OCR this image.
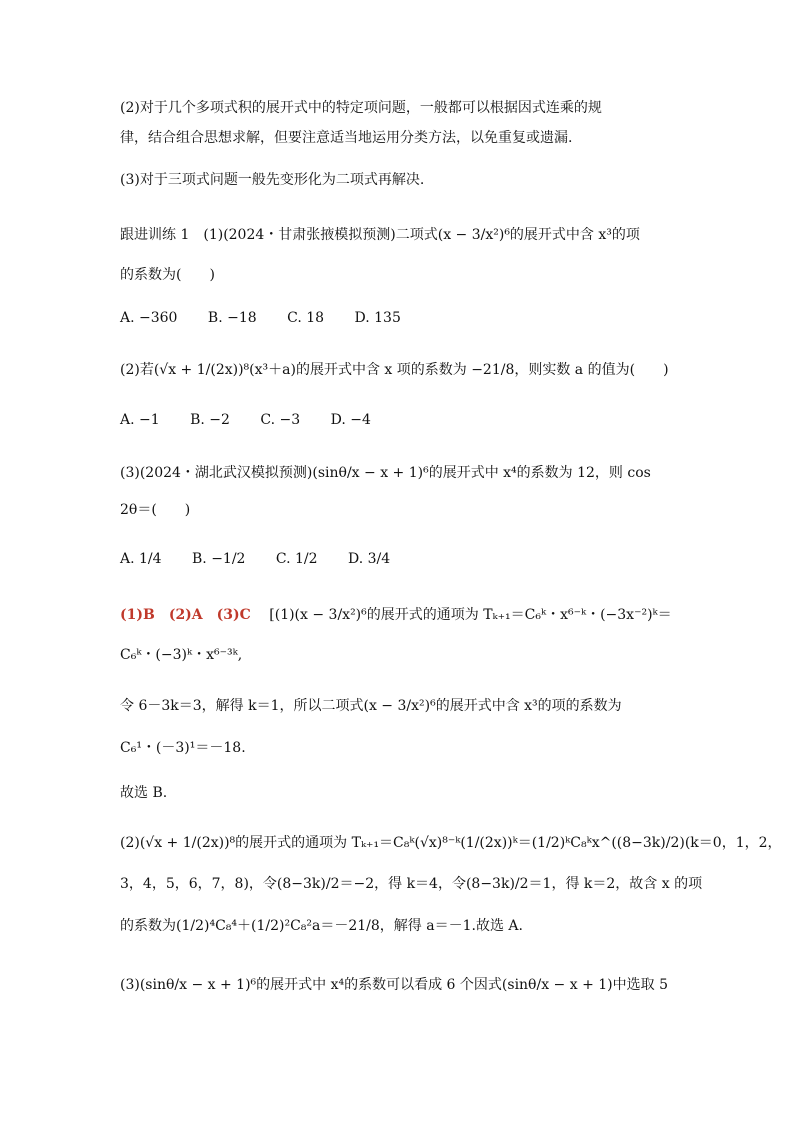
(2)对于几个多项式积的展开式中的特定项问题，一般都可以根据因式连乘的规
律，结合组合思想求解，但要注意适当地运用分类方法，以免重复或遗漏.
(3)对于三项式问题一般先变形化为二项式再解决.
跟进训练 1　(1)(2024・甘肃张掖模拟预测)二项式(x − 3/x²)⁶的展开式中含 x³的项
的系数为(　　)
A. −360 B. −18 C. 18 D. 135
(2)若(√x + 1/(2x))⁸(x³＋a)的展开式中含 x 项的系数为 −21/8，则实数 a 的值为(　　)
A. −1 B. −2 C. −3 D. −4
(3)(2024・湖北武汉模拟预测)(sinθ/x − x + 1)⁶的展开式中 x⁴的系数为 12，则 cos
2θ＝(　　)
A. 1/4 B. −1/2 C. 1/2 D. 3/4
(1)B　(2)A　(3)C [(1)(x − 3/x²)⁶的展开式的通项为 Tₖ₊₁＝C₆ᵏ・x⁶⁻ᵏ・(−3x⁻²)ᵏ＝
C₆ᵏ・(−3)ᵏ・x⁶⁻³ᵏ,
令 6－3k＝3，解得 k＝1，所以二项式(x − 3/x²)⁶的展开式中含 x³的项的系数为
C₆¹・(－3)¹＝－18.
故选 B.
(2)(√x + 1/(2x))⁸的展开式的通项为 Tₖ₊₁＝C₈ᵏ(√x)⁸⁻ᵏ(1/(2x))ᵏ＝(1/2)ᵏC₈ᵏx^((8−3k)/2)(k＝0，1，2，
3，4，5，6，7，8)，令(8−3k)/2＝−2，得 k＝4，令(8−3k)/2＝1，得 k＝2，故含 x 的项
的系数为(1/2)⁴C₈⁴＋(1/2)²C₈²a＝－21/8，解得 a＝－1.故选 A.
(3)(sinθ/x − x + 1)⁶的展开式中 x⁴的系数可以看成 6 个因式(sinθ/x − x + 1)中选取 5
